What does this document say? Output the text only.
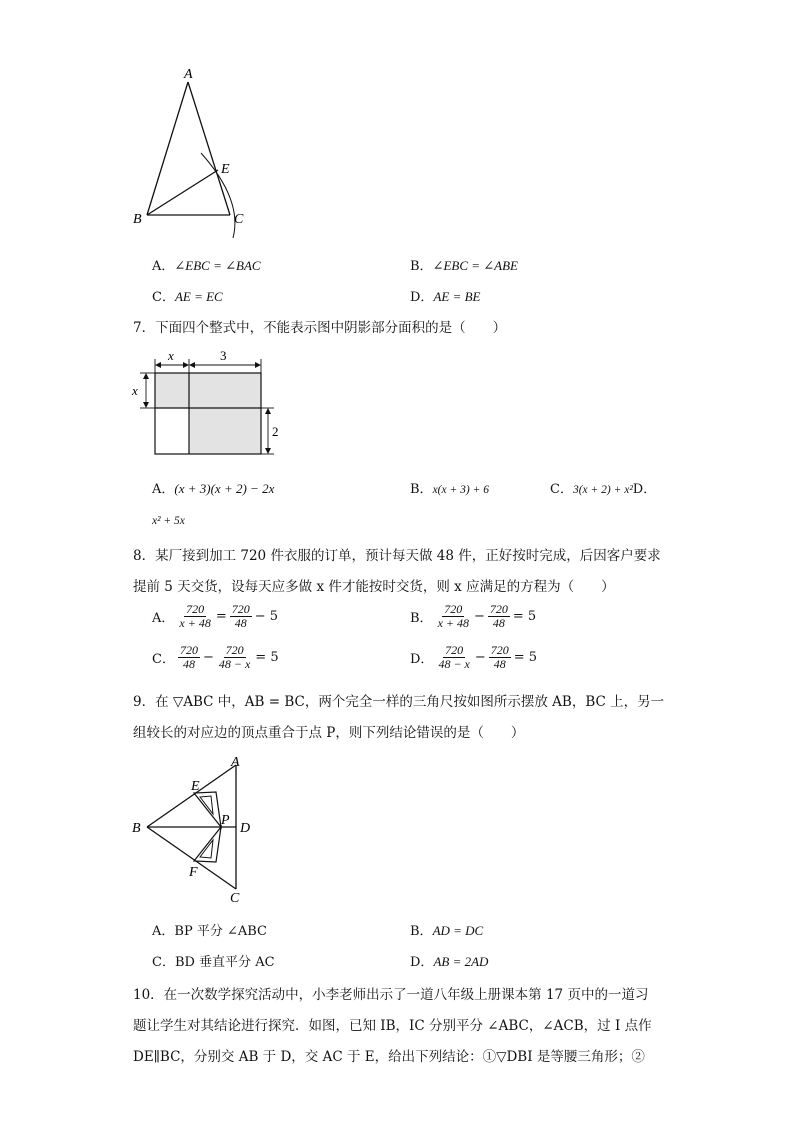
A
B	C
E
A．∠EBC = ∠BAC	B．∠EBC = ∠ABE
C．AE = EC	D．AE = BE
7．下面四个整式中，不能表示图中阴影部分面积的是（　　）
x	3
x
2
A．(x + 3)(x + 2) − 2x	B．x(x + 3) + 6	C．3(x + 2) + x²D．
x² + 5x
8．某厂接到加工 720 件衣服的订单，预计每天做 48 件，正好按时完成，后因客户要求
提前 5 天交货，设每天应多做 x 件才能按时交货，则 x 应满足的方程为（　　）
A． $\frac{720}{x + 48} = \frac{720}{48} - 5$	B． $\frac{720}{x + 48} - \frac{720}{48} = 5$
C． $\frac{720}{48} - \frac{720}{48 - x} = 5$	D． $\frac{720}{48 - x} - \frac{720}{48} = 5$
9．在 ▽ABC 中，AB = BC，两个完全一样的三角尺按如图所示摆放 AB，BC 上，另一
组较长的对应边的顶点重合于点 P，则下列结论错误的是（　　）
A
B
C
D
E
F
P
A．BP 平分 ∠ABC	B．AD = DC
C．BD 垂直平分 AC	D．AB = 2AD
10．在一次数学探究活动中，小李老师出示了一道八年级上册课本第 17 页中的一道习
题让学生对其结论进行探究．如图，已知 IB，IC 分别平分 ∠ABC，∠ACB，过 I 点作
DE∥BC，分别交 AB 于 D，交 AC 于 E，给出下列结论：①▽DBI 是等腰三角形；②
